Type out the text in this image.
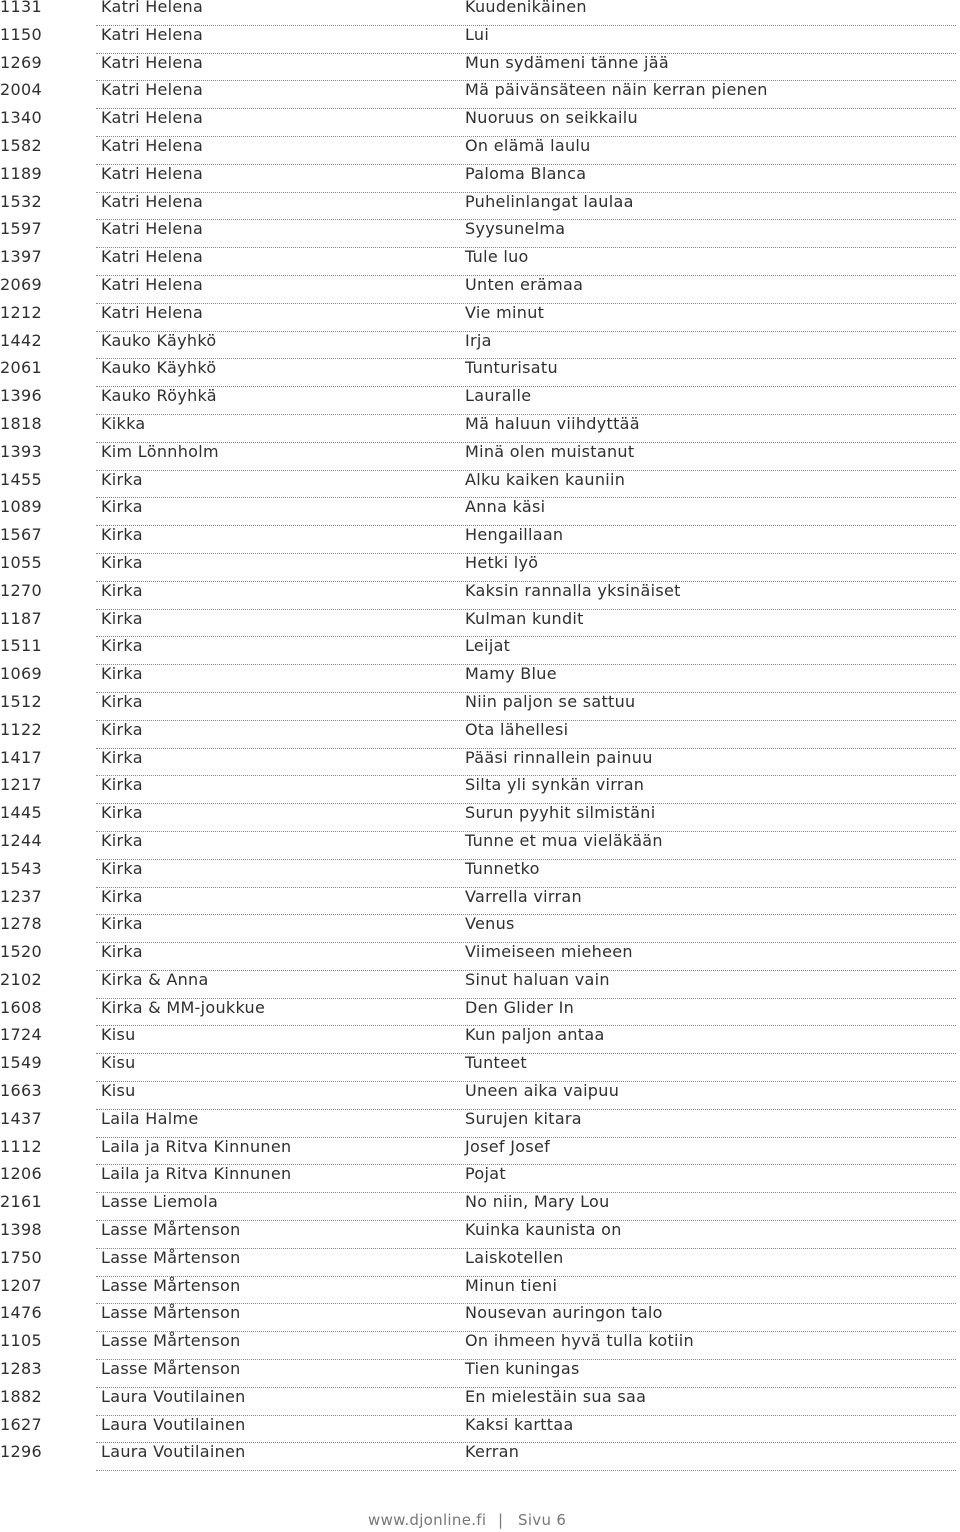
1131	Katri Helena	Kuudenikäinen
1150	Katri Helena	Lui
1269	Katri Helena	Mun sydämeni tänne jää
2004	Katri Helena	Mä päivänsäteen näin kerran pienen
1340	Katri Helena	Nuoruus on seikkailu
1582	Katri Helena	On elämä laulu
1189	Katri Helena	Paloma Blanca
1532	Katri Helena	Puhelinlangat laulaa
1597	Katri Helena	Syysunelma
1397	Katri Helena	Tule luo
2069	Katri Helena	Unten erämaa
1212	Katri Helena	Vie minut
1442	Kauko Käyhkö	Irja
2061	Kauko Käyhkö	Tunturisatu
1396	Kauko Röyhkä	Lauralle
1818	Kikka	Mä haluun viihdyttää
1393	Kim Lönnholm	Minä olen muistanut
1455	Kirka	Alku kaiken kauniin
1089	Kirka	Anna käsi
1567	Kirka	Hengaillaan
1055	Kirka	Hetki lyö
1270	Kirka	Kaksin rannalla yksinäiset
1187	Kirka	Kulman kundit
1511	Kirka	Leijat
1069	Kirka	Mamy Blue
1512	Kirka	Niin paljon se sattuu
1122	Kirka	Ota lähellesi
1417	Kirka	Pääsi rinnallein painuu
1217	Kirka	Silta yli synkän virran
1445	Kirka	Surun pyyhit silmistäni
1244	Kirka	Tunne et mua vieläkään
1543	Kirka	Tunnetko
1237	Kirka	Varrella virran
1278	Kirka	Venus
1520	Kirka	Viimeiseen mieheen
2102	Kirka & Anna	Sinut haluan vain
1608	Kirka & MM-joukkue	Den Glider In
1724	Kisu	Kun paljon antaa
1549	Kisu	Tunteet
1663	Kisu	Uneen aika vaipuu
1437	Laila Halme	Surujen kitara
1112	Laila ja Ritva Kinnunen	Josef Josef
1206	Laila ja Ritva Kinnunen	Pojat
2161	Lasse Liemola	No niin, Mary Lou
1398	Lasse Mårtenson	Kuinka kaunista on
1750	Lasse Mårtenson	Laiskotellen
1207	Lasse Mårtenson	Minun tieni
1476	Lasse Mårtenson	Nousevan auringon talo
1105	Lasse Mårtenson	On ihmeen hyvä tulla kotiin
1283	Lasse Mårtenson	Tien kuningas
1882	Laura Voutilainen	En mielestäin sua saa
1627	Laura Voutilainen	Kaksi karttaa
1296	Laura Voutilainen	Kerran
www.djonline.fi | Sivu 6
